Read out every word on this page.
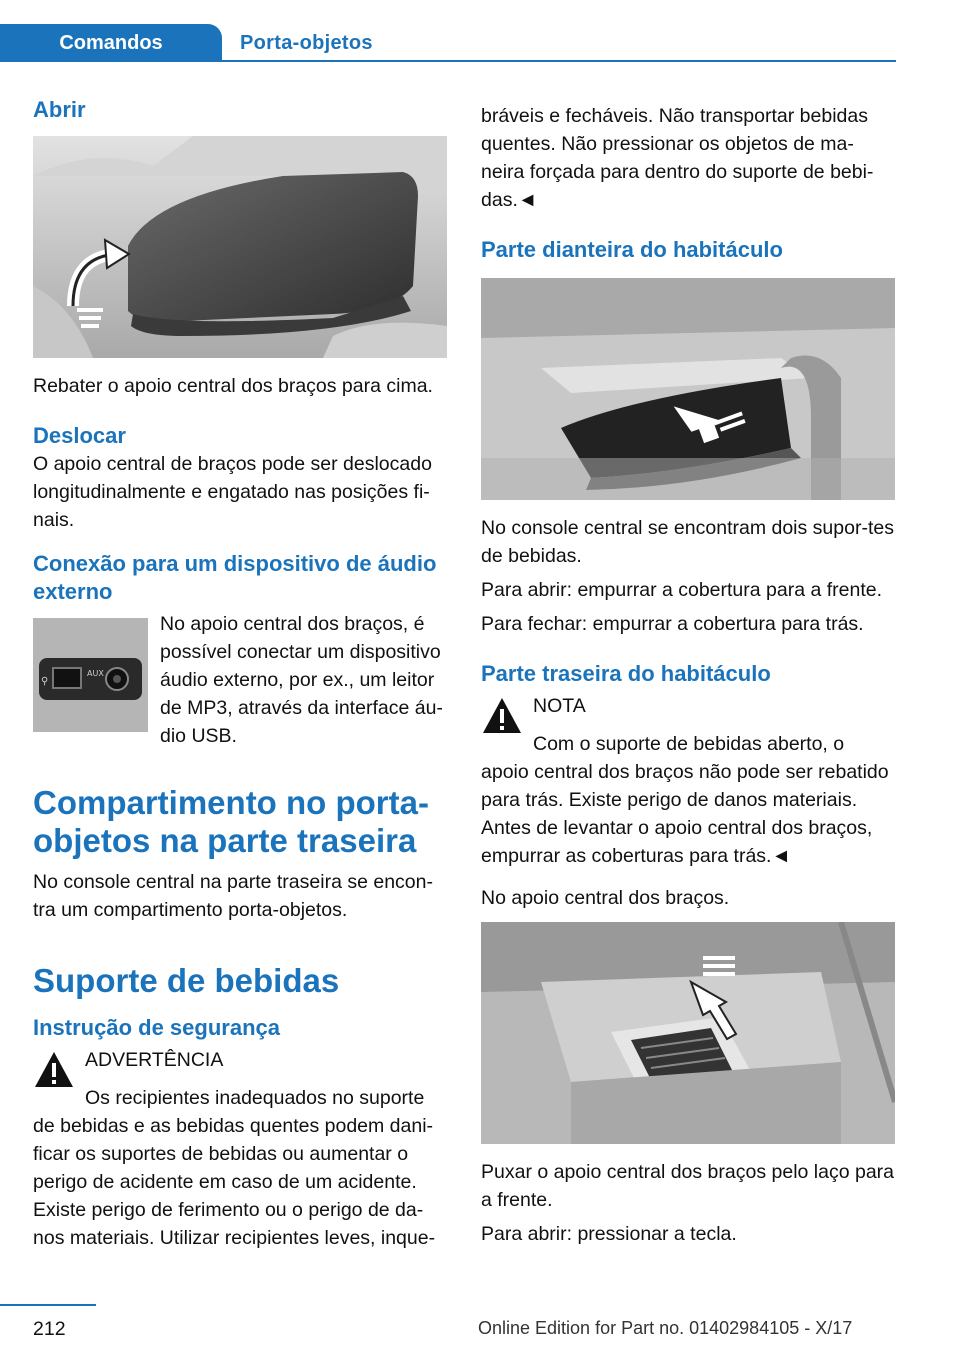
Comandos	Porta-objetos
Abrir

Rebater o apoio central dos braços para cima.

Deslocar

O apoio central de braços pode ser deslocado longitudinalmente e engatado nas posições fi-nais.

Conexão para um dispositivo de áudio externo
⚲
AUX

No apoio central dos braços, é possível conectar um dispositivo áudio externo, por ex., um leitor de MP3, através da interface áu-dio USB.

Compartimento no porta-objetos na parte traseira

No console central na parte traseira se encon-tra um compartimento porta-objetos.

Suporte de bebidas
Instrução de segurança
ADVERTÊNCIA

Os recipientes inadequados no suporte de bebidas e as bebidas quentes podem dani-ficar os suportes de bebidas ou aumentar o perigo de acidente em caso de um acidente. Existe perigo de ferimento ou o perigo de da-nos materiais. Utilizar recipientes leves, inque-

bráveis e fecháveis. Não transportar bebidas quentes. Não pressionar os objetos de ma-neira forçada para dentro do suporte de bebi-das.◄

Parte dianteira do habitáculo

No console central se encontram dois supor-tes de bebidas.

Para abrir: empurrar a cobertura para a frente.

Para fechar: empurrar a cobertura para trás.

Parte traseira do habitáculo
NOTA

Com o suporte de bebidas aberto, o apoio central dos braços não pode ser rebatido para trás. Existe perigo de danos materiais. Antes de levantar o apoio central dos braços, empurrar as coberturas para trás.◄

No apoio central dos braços.

Puxar o apoio central dos braços pelo laço para a frente.

Para abrir: pressionar a tecla.

212	Online Edition for Part no. 01402984105 - X/17
